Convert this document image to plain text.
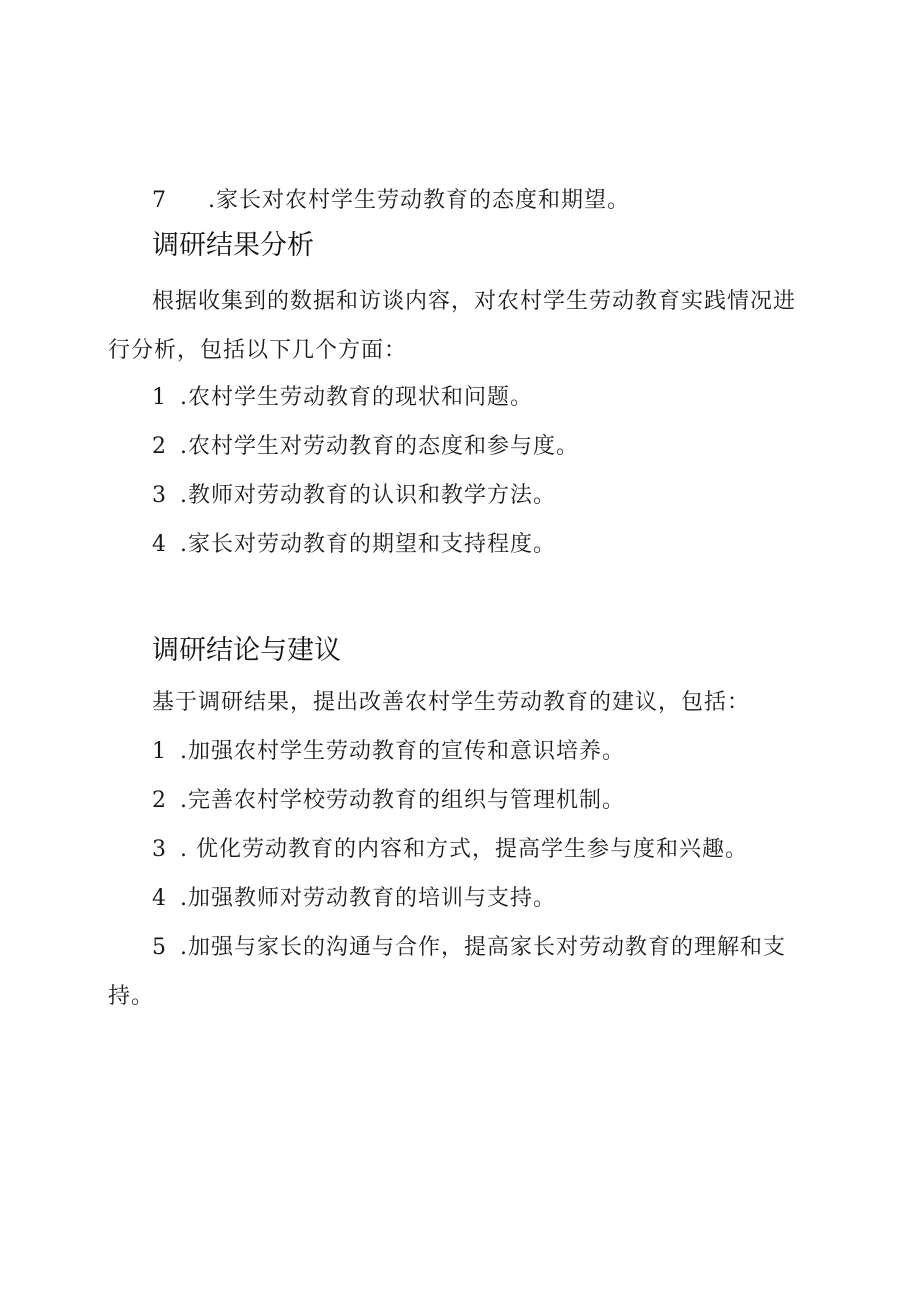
7 .家长对农村学生劳动教育的态度和期望。
调研结果分析
根据收集到的数据和访谈内容，对农村学生劳动教育实践情况进
行分析，包括以下几个方面：
1 .农村学生劳动教育的现状和问题。
2 .农村学生对劳动教育的态度和参与度。
3 .教师对劳动教育的认识和教学方法。
4 .家长对劳动教育的期望和支持程度。
调研结论与建议
基于调研结果，提出改善农村学生劳动教育的建议，包括：
1 .加强农村学生劳动教育的宣传和意识培养。
2 .完善农村学校劳动教育的组织与管理机制。
3 . 优化劳动教育的内容和方式，提高学生参与度和兴趣。
4 .加强教师对劳动教育的培训与支持。
5 .加强与家长的沟通与合作，提高家长对劳动教育的理解和支
持。
